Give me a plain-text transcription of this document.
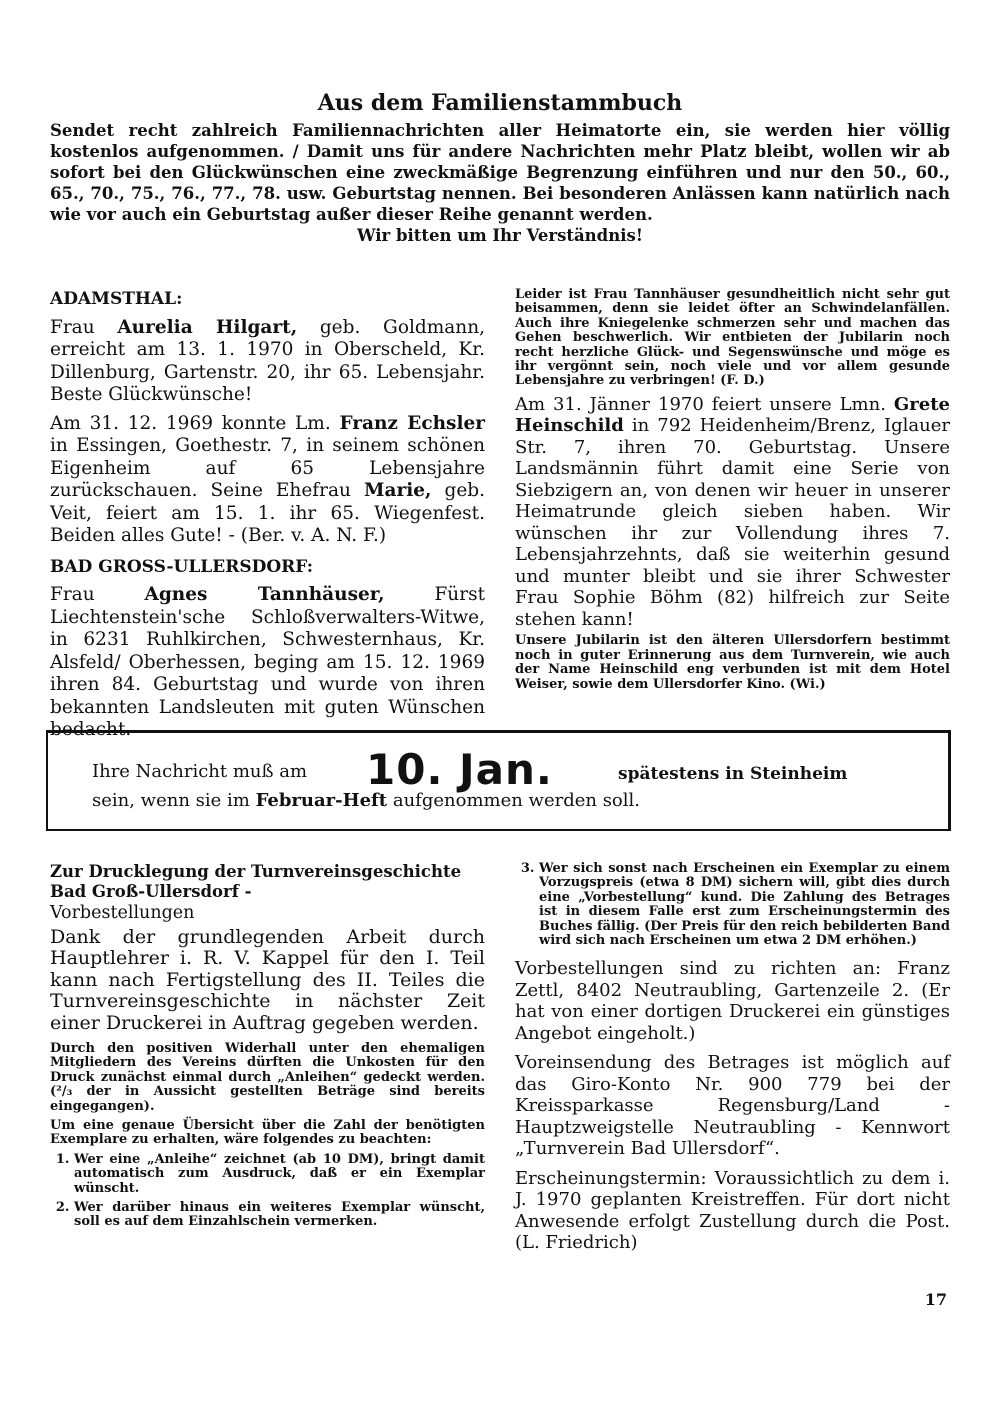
Aus dem Familienstammbuch
Sendet recht zahlreich Familiennachrichten aller Heimatorte ein, sie werden hier völlig kostenlos aufgenommen. / Damit uns für andere Nachrichten mehr Platz bleibt, wollen wir ab sofort bei den Glückwünschen eine zweckmäßige Begrenzung einführen und nur den 50., 60., 65., 70., 75., 76., 77., 78. usw. Geburtstag nennen. Bei besonderen Anlässen kann natürlich nach wie vor auch ein Geburtstag außer dieser Reihe genannt werden.
Wir bitten um Ihr Verständnis!
ADAMSTHAL:

Frau Aurelia Hilgart, geb. Goldmann, erreicht am 13. 1. 1970 in Oberscheld, Kr. Dillenburg, Gartenstr. 20, ihr 65. Lebensjahr. Beste Glückwünsche!

Am 31. 12. 1969 konnte Lm. Franz Echsler in Essingen, Goethestr. 7, in seinem schönen Eigenheim auf 65 Lebensjahre zurückschauen. Seine Ehefrau Marie, geb. Veit, feiert am 15. 1. ihr 65. Wiegenfest. Beiden alles Gute! - (Ber. v. A. N. F.)

BAD GROSS-ULLERSDORF:

Frau Agnes Tannhäuser, Fürst Liechtenstein'sche Schloßverwalters-Witwe, in 6231 Ruhlkirchen, Schwesternhaus, Kr. Alsfeld/ Oberhessen, beging am 15. 12. 1969 ihren 84. Geburtstag und wurde von ihren bekannten Landsleuten mit guten Wünschen bedacht.

Leider ist Frau Tannhäuser gesundheitlich nicht sehr gut beisammen, denn sie leidet öfter an Schwindelanfällen. Auch ihre Kniegelenke schmerzen sehr und machen das Gehen beschwerlich. Wir entbieten der Jubilarin noch recht herzliche Glück- und Segenswünsche und möge es ihr vergönnt sein, noch viele und vor allem gesunde Lebensjahre zu verbringen! (F. D.)

Am 31. Jänner 1970 feiert unsere Lmn. Grete Heinschild in 792 Heidenheim/Brenz, Iglauer Str. 7, ihren 70. Geburtstag. Unsere Landsmännin führt damit eine Serie von Siebzigern an, von denen wir heuer in unserer Heimatrunde gleich sieben haben. Wir wünschen ihr zur Vollendung ihres 7. Lebensjahrzehnts, daß sie weiterhin gesund und munter bleibt und sie ihrer Schwester Frau Sophie Böhm (82) hilfreich zur Seite stehen kann!

Unsere Jubilarin ist den älteren Ullersdorfern bestimmt noch in guter Erinnerung aus dem Turnverein, wie auch der Name Heinschild eng verbunden ist mit dem Hotel Weiser, sowie dem Ullersdorfer Kino. (Wi.)

Ihre Nachricht muß am 10. Jan.	spätestens in Steinheim
sein, wenn sie im Februar-Heft aufgenommen werden soll.
Zur Drucklegung der Turnvereinsgeschichte Bad Groß-Ullersdorf -
Vorbestellungen

Dank der grundlegenden Arbeit durch Hauptlehrer i. R. V. Kappel für den I. Teil kann nach Fertigstellung des II. Teiles die Turnvereinsgeschichte in nächster Zeit einer Druckerei in Auftrag gegeben werden.

Durch den positiven Widerhall unter den ehemaligen Mitgliedern des Vereins dürften die Unkosten für den Druck zunächst einmal durch „Anleihen“ gedeckt werden. (²/₃ der in Aussicht gestellten Beträge sind bereits eingegangen).

Um eine genaue Übersicht über die Zahl der benötigten Exemplare zu erhalten, wäre folgendes zu beachten:

1. Wer eine „Anleihe“ zeichnet (ab 10 DM), bringt damit automatisch zum Ausdruck, daß er ein Exemplar wünscht.
2. Wer darüber hinaus ein weiteres Exemplar wünscht, soll es auf dem Einzahlschein vermerken.
3. Wer sich sonst nach Erscheinen ein Exemplar zu einem Vorzugspreis (etwa 8 DM) sichern will, gibt dies durch eine „Vorbestellung“ kund. Die Zahlung des Betrages ist in diesem Falle erst zum Erscheinungstermin des Buches fällig. (Der Preis für den reich bebilderten Band wird sich nach Erscheinen um etwa 2 DM erhöhen.)

Vorbestellungen sind zu richten an: Franz Zettl, 8402 Neutraubling, Gartenzeile 2. (Er hat von einer dortigen Druckerei ein günstiges Angebot eingeholt.)

Voreinsendung des Betrages ist möglich auf das Giro-Konto Nr. 900 779 bei der Kreissparkasse Regensburg/Land - Hauptzweigstelle Neutraubling - Kennwort „Turnverein Bad Ullersdorf“.

Erscheinungstermin: Voraussichtlich zu dem i. J. 1970 geplanten Kreistreffen. Für dort nicht Anwesende erfolgt Zustellung durch die Post. (L. Friedrich)

17
